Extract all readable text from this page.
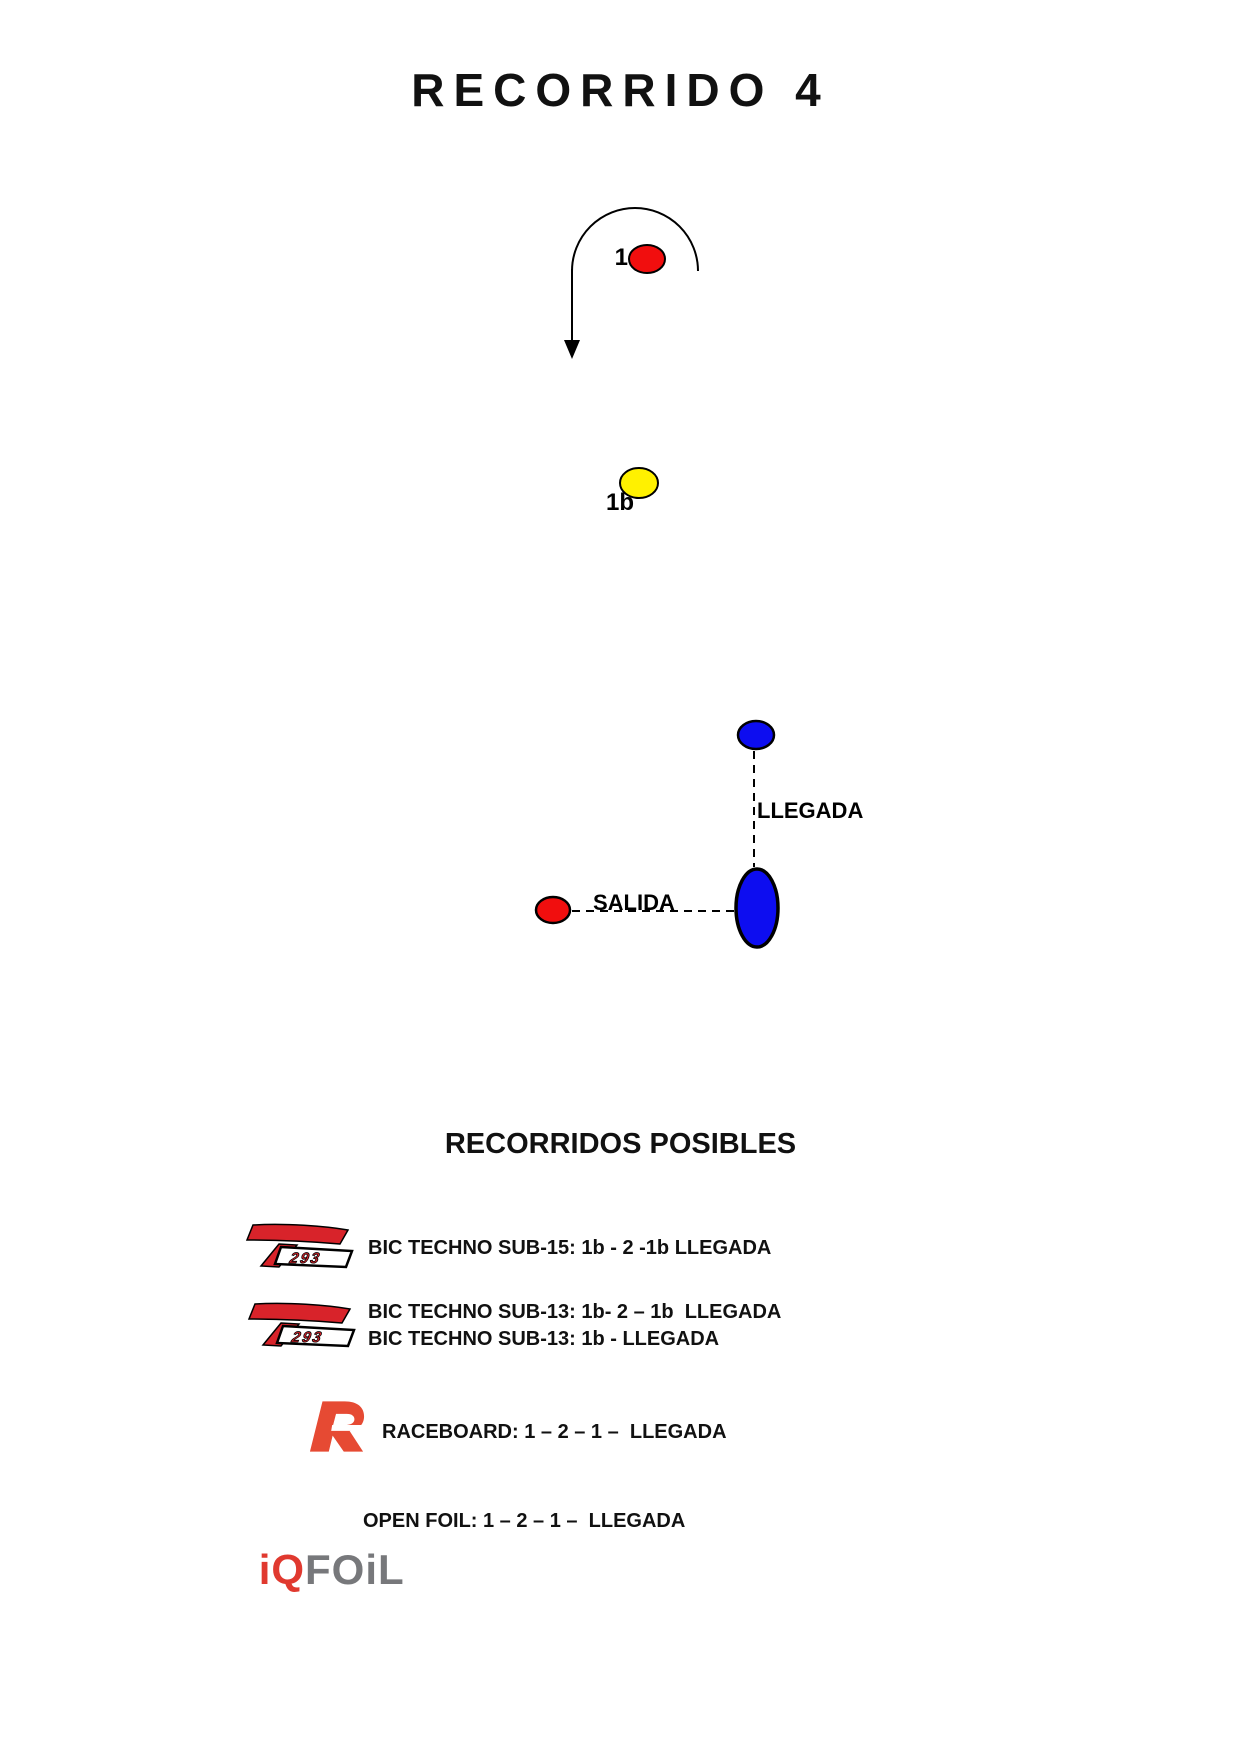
RECORRIDO 4
1
1b
LLEGADA
SALIDA
RECORRIDOS POSIBLES
293 BIC TECHNO SUB-15: 1b - 2 -1b LLEGADA
293
BIC TECHNO SUB-13: 1b- 2 – 1b  LLEGADA
BIC TECHNO SUB-13: 1b - LLEGADA
RACEBOARD: 1 – 2 – 1 –  LLEGADA

iQFOiL

OPEN FOIL: 1 – 2 – 1 –  LLEGADA
